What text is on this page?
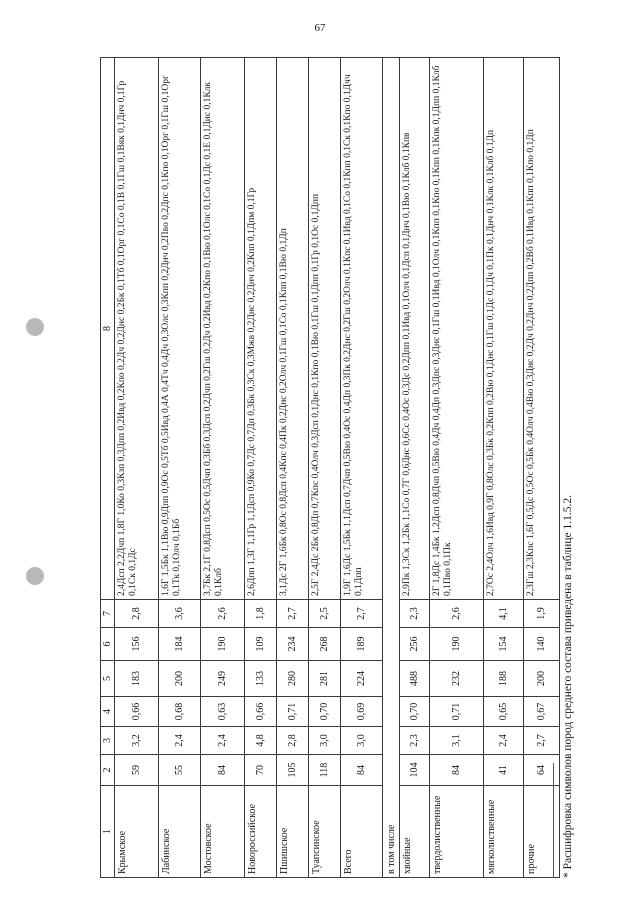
67
1	2	3	4	5	6	7	8
Крымское	59	3,2	0,66	183	156	2,8	2,4Дсп 2,2Дчп 1,8Г 1,0Ко 0,3Кзп 0,3Дпп 0,2Ивд 0,2Кпо 0,2Дч 0,2Днс 0,2Бк 0,1Тб 0,1Орг 0,1Со 0,1В 0,1Гш 0,1Вяк 0,1Днч 0,1Гр 0,1Ск 0,1Дс
Лабинское	55	2,4	0,68	200	184	3,6	1,6Г 1,5Бк 1,1Вю 0,9Дпп 0,9Ос 0,5Тб 0,5Ивд 0,4А 0,4Тч 0,4Дч 0,3Олс 0,3Кпп 0,2Днч 0,2Пво 0,2Дпс 0,1Кпо 0,1Орг 0,1Гш 0,1Орг 0,1Тк 0,1Олч 0,1Бб
Мостовское	84	2,4	0,63	249	190	2,6	3,7Бк 2,1Г 0,8Дсп 0,5Ос 0,5Дчп 0,3Бб 0,3Дсп 0,2Дчп 0,2Гш 0,2Дч 0,2Ивд 0,2Кпо 0,1Вю 0,1Олс 0,1Со 0,1Дс 0,1Е 0,1Дис 0,1Клк 0,1Клб
Новороссийское	70	4,8	0,66	133	109	1,8	2,6Дпп 1,3Г 1,1Гр 1,1Дсп 0,9Ко 0,7Дс 0,7Дп 0,3Бк 0,3Ск 0,3Мжв 0,2Днс 0,2Днч 0,2Кпп 0,1Дпм 0,1Гр
Пшишское	105	2,8	0,71	280	234	2,7	3,1Дс 2Г 1,6Бк 0,8Ос 0,8Дсп 0,4Кпс 0,4Пк 0,2Днс 0,2Олч 0,1Гш 0,1Со 0,1Кпп 0,1Вю 0,1Дп
Туапсинское	118	3,0	0,70	281	268	2,5	2,5Г 2,4Дс 2Бк 0,8Дп 0,7Кпс 0,4Олч 0,3Дсп 0,1Днс 0,1Кпо 0,1Вю 0,1Гш 0,1Дпп 0,1Гр 0,1Ос 0,1Дпп
Всего	84	3,0	0,69	224	189	2,7	1,9Г 1,6Дс 1,5Бк 1,1Дсп 0,7Дчп 0,5Вю 0,4Ос 0,4Дп 0,3Пк 0,2Днс 0,2Гш 0,2Олч 0,1Кпс 0,1Ивд 0,1Со 0,1Кпп 0,1Ск 0,1Кпо 0,1Дчч 0,1Дпп
в том числе							
хвойные	104	2,3	0,70	488	256	2,3	2,9Пк 1,3Ск 1,2Бк 1,1Со 0,7Г 0,6Днс 0,6Сс 0,4Ос 0,3Дс 0,2Дпп 0,1Ивд 0,1Олч 0,1Дсп 0,1Днч 0,1Вю 0,1Клб 0,1Кпв
твердолиственные	84	3,1	0,71	232	190	2,6	2Г 1,8Дс 1,4Бк 1,2Дсп 0,8Дчп 0,5Вю 0,4Дч 0,4Дп 0,3Дпс 0,3Днс 0,1Гш 0,1Ивд 0,1Олч 0,1Кпп 0,1Кпо 0,1Кпп 0,1Кпк 0,1Дпп 0,1Клб 0,1Пво 0,1Пк
мягколиственные	41	2,4	0,65	188	154	4,1	2,7Ос 2,4Олч 1,6Ивд 0,9Г 0,8Олс 0,3Бк 0,2Кпп 0,2Вю 0,1Днс 0,1Гш 0,1Дс 0,1Дч 0,1Пк 0,1Днч 0,1Клк 0,1Клб 0,1Дп
прочие	64	2,7	0,67	200	140	1,9	2,3Гш 2,3Кпс 1,6Г 0,5Дс 0,5Ос 0,5Бк 0,4Олч 0,4Вю 0,3Днс 0,2Дч 0,2Днч 0,2Дпп 0,2Вб 0,1Ивд 0,1Кпп 0,1Кпо 0,1Дп
* Расшифровка символов пород среднего состава приведена в таблице 1.1.5.2.
